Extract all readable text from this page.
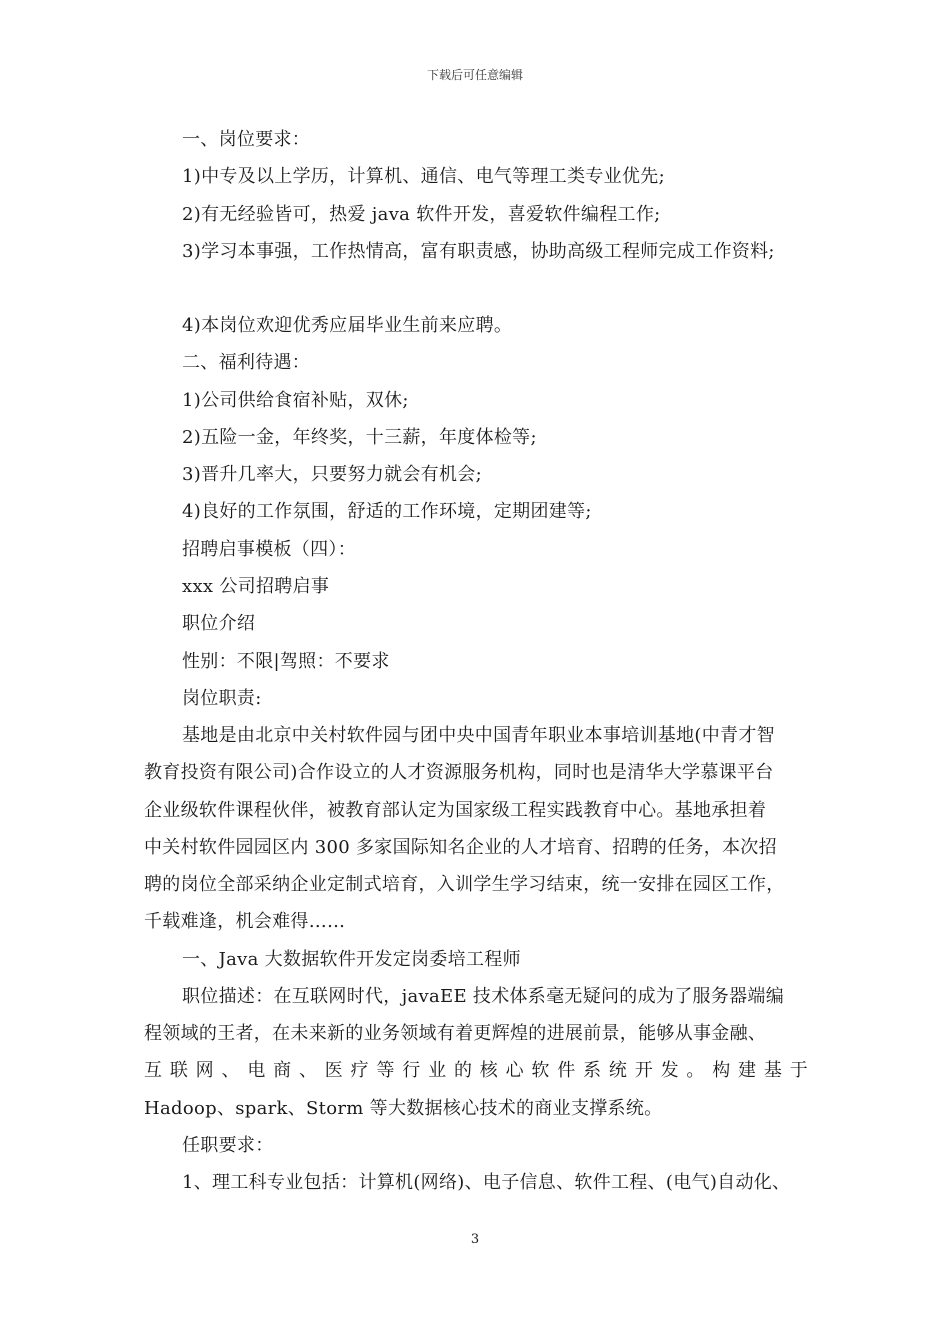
下载后可任意编辑
一、岗位要求：
1)中专及以上学历，计算机、通信、电气等理工类专业优先;
2)有无经验皆可，热爱 java 软件开发，喜爱软件编程工作;
3)学习本事强，工作热情高，富有职责感，协助高级工程师完成工作资料;
4)本岗位欢迎优秀应届毕业生前来应聘。
二、福利待遇：
1)公司供给食宿补贴，双休;
2)五险一金，年终奖，十三薪，年度体检等;
3)晋升几率大，只要努力就会有机会;
4)良好的工作氛围，舒适的工作环境，定期团建等;
招聘启事模板（四）：
xxx 公司招聘启事
职位介绍
性别：不限|驾照：不要求
岗位职责:
基地是由北京中关村软件园与团中央中国青年职业本事培训基地(中青才智
教育投资有限公司)合作设立的人才资源服务机构，同时也是清华大学慕课平台
企业级软件课程伙伴，被教育部认定为国家级工程实践教育中心。基地承担着
中关村软件园园区内 300 多家国际知名企业的人才培育、招聘的任务，本次招
聘的岗位全部采纳企业定制式培育，入训学生学习结束，统一安排在园区工作，
千载难逢，机会难得……
一、Java 大数据软件开发定岗委培工程师
职位描述：在互联网时代，javaEE 技术体系毫无疑问的成为了服务器端编
程领域的王者，在未来新的业务领域有着更辉煌的进展前景，能够从事金融、
互 联 网 、 电 商 、 医 疗 等 行 业 的 核 心 软 件 系 统 开 发 。 构 建 基 于
Hadoop、spark、Storm 等大数据核心技术的商业支撑系统。
任职要求：
1、理工科专业包括：计算机(网络)、电子信息、软件工程、(电气)自动化、
3
